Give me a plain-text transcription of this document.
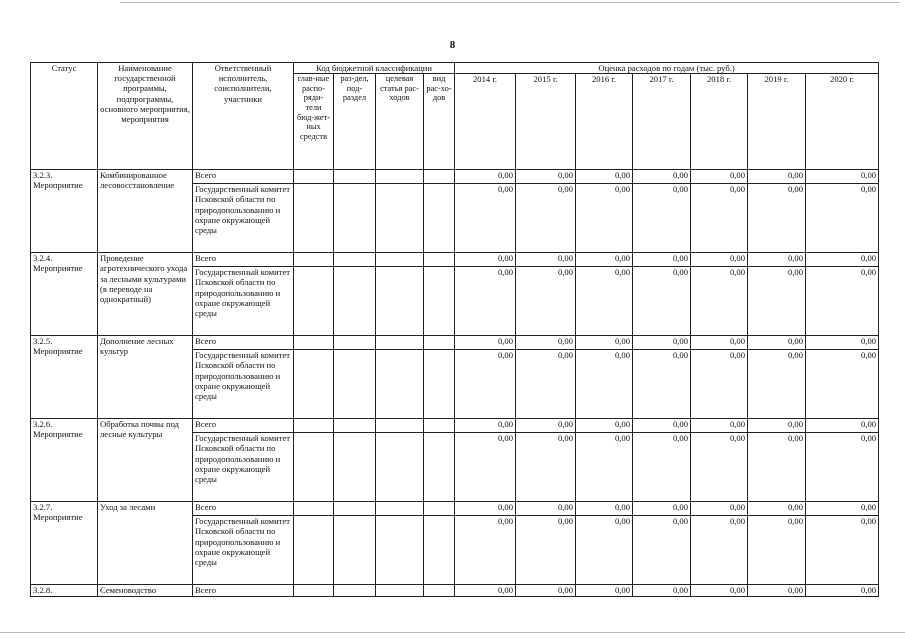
8
Статус	Наименование государственной программы, подпрограммы, основного мероприятия, мероприятия	Ответственный исполнитель, соисполнители, участники	Код бюджетной классификации				Оценка расходов по годам (тыс. руб.)						
			глав-ные распо-ряди-тели бюд-жет-ных средств	раз-дел, под-раздел	целевая статья рас-ходов	вид рас-хо-дов	2014 г.	2015 г.	2016 г.	2017 г.	2018 г.	2019 г.	2020 г.
3.2.3. Мероприятие	Комбинированное лесовосстановление	Всего					0,00	0,00	0,00	0,00	0,00	0,00	0,00
		Государственный комитет Псковской области по природопользованию и охране окружающей среды					0,00	0,00	0,00	0,00	0,00	0,00	0,00
3.2.4. Мероприятие	Проведение агротехнического ухода за лесными культурами (в переводе на однократный)	Всего					0,00	0,00	0,00	0,00	0,00	0,00	0,00
		Государственный комитет Псковской области по природопользованию и охране окружающей среды					0,00	0,00	0,00	0,00	0,00	0,00	0,00
3.2.5. Мероприятие	Дополнение лесных культур	Всего					0,00	0,00	0,00	0,00	0,00	0,00	0,00
		Государственный комитет Псковской области по природопользованию и охране окружающей среды					0,00	0,00	0,00	0,00	0,00	0,00	0,00
3.2.6. Мероприятие	Обработка почвы под лесные культуры	Всего					0,00	0,00	0,00	0,00	0,00	0,00	0,00
		Государственный комитет Псковской области по природопользованию и охране окружающей среды					0,00	0,00	0,00	0,00	0,00	0,00	0,00
3.2.7. Мероприятие	Уход за лесами	Всего					0,00	0,00	0,00	0,00	0,00	0,00	0,00
		Государственный комитет Псковской области по природопользованию и охране окружающей среды					0,00	0,00	0,00	0,00	0,00	0,00	0,00
3.2.8.	Семеноводство	Всего					0,00	0,00	0,00	0,00	0,00	0,00	0,00
